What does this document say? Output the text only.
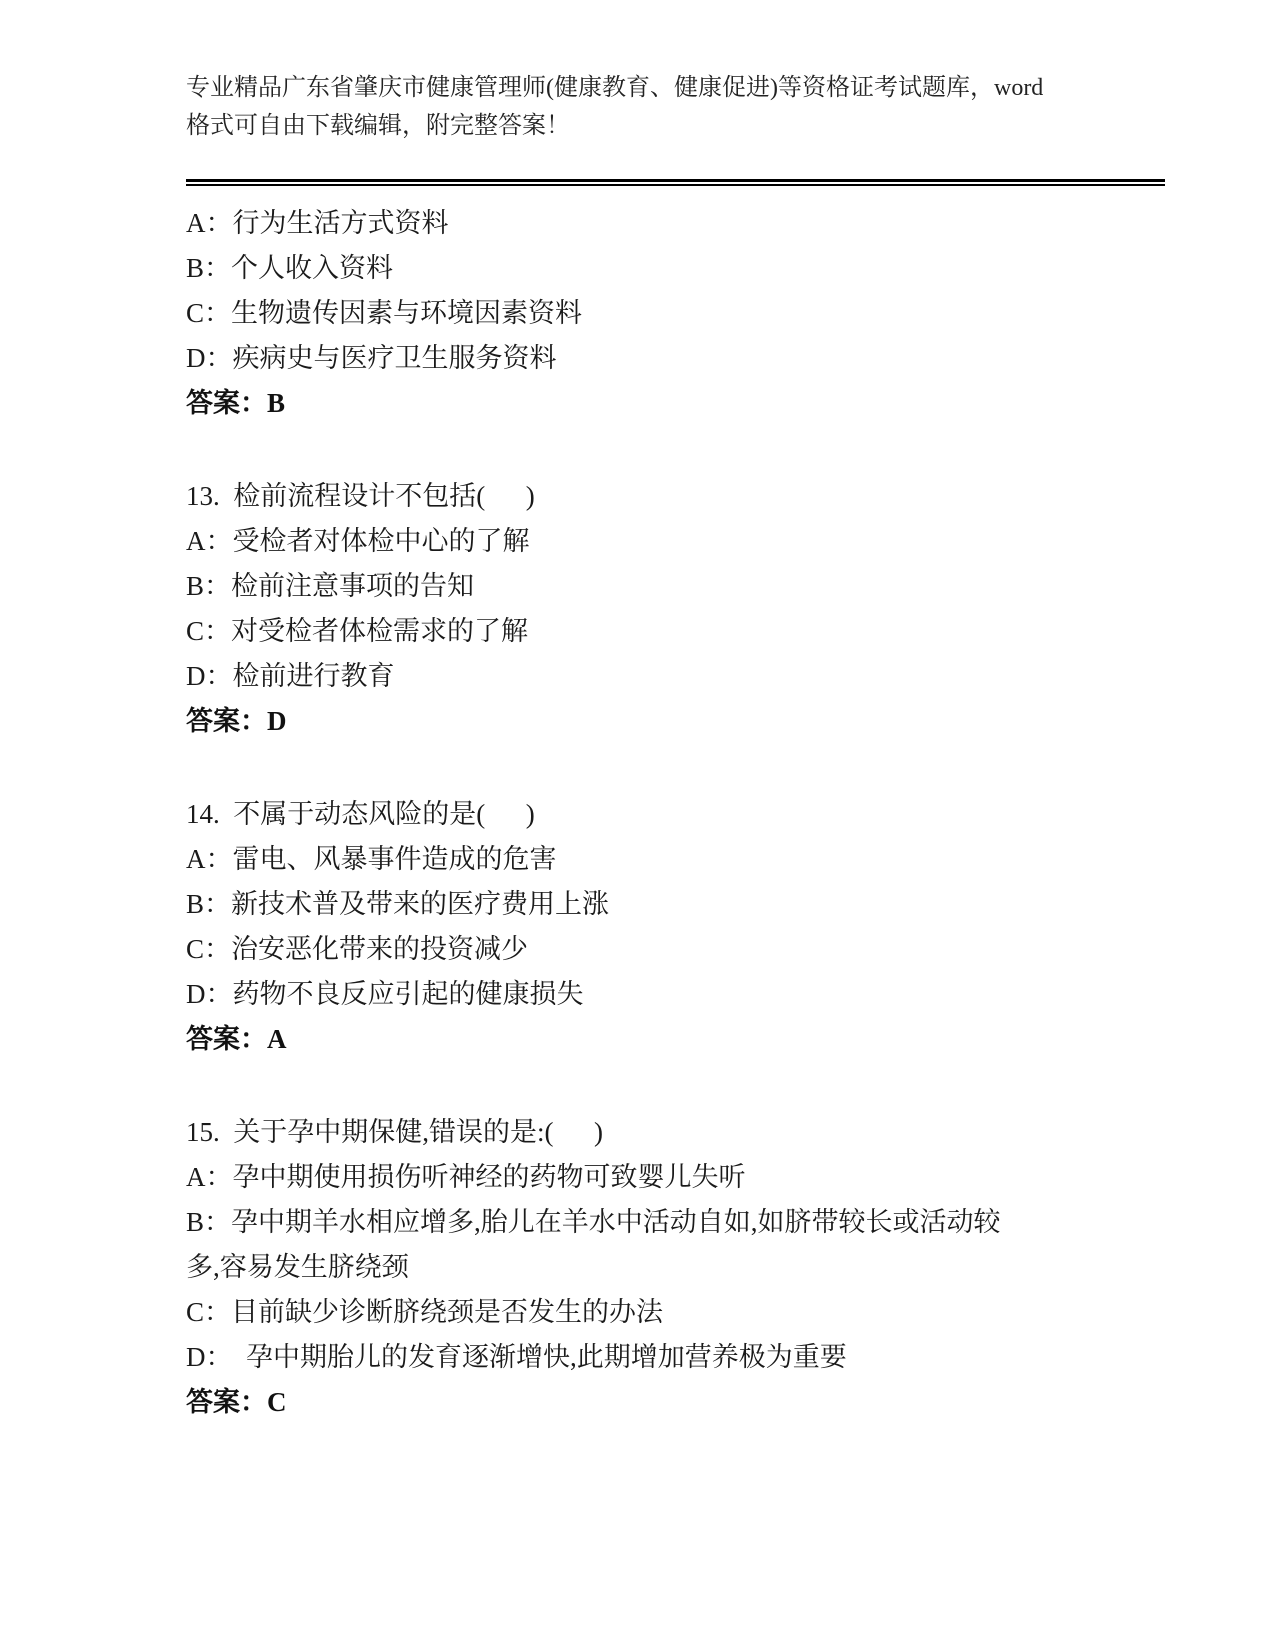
专业精品广东省肇庆市健康管理师(健康教育、健康促进)等资格证考试题库，word
格式可自由下载编辑，附完整答案！
A：行为生活方式资料
B：个人收入资料
C：生物遗传因素与环境因素资料
D：疾病史与医疗卫生服务资料
答案：B
13.  检前流程设计不包括(      )
A：受检者对体检中心的了解
B：检前注意事项的告知
C：对受检者体检需求的了解
D：检前进行教育
答案：D
14.  不属于动态风险的是(      )
A：雷电、风暴事件造成的危害
B：新技术普及带来的医疗费用上涨
C：治安恶化带来的投资减少
D：药物不良反应引起的健康损失
答案：A
15.  关于孕中期保健,错误的是:(      )
A：孕中期使用损伤听神经的药物可致婴儿失听
B：孕中期羊水相应增多,胎儿在羊水中活动自如,如脐带较长或活动较
多,容易发生脐绕颈
C：目前缺少诊断脐绕颈是否发生的办法
D：  孕中期胎儿的发育逐渐增快,此期增加营养极为重要
答案：C
